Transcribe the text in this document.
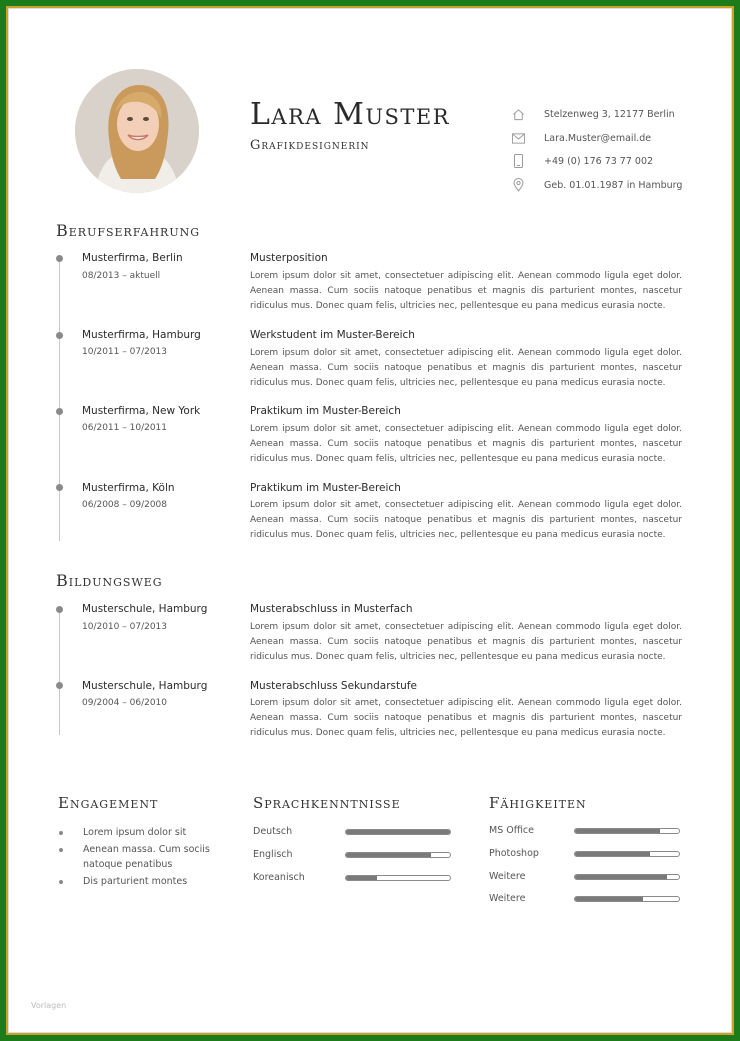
Lara Muster
Grafikdesignerin
Stelzenweg 3, 12177 Berlin
Lara.Muster@email.de
+49 (0) 176 73 77 002
Geb. 01.01.1987 in Hamburg
Berufserfahrung
Musterfirma, Berlin
08/2013 – aktuell
Musterposition
Lorem ipsum dolor sit amet, consectetuer adipiscing elit. Aenean commodo ligula eget dolor. Aenean massa. Cum sociis natoque penatibus et magnis dis parturient montes, nascetur ridiculus mus. Donec quam felis, ultricies nec, pellentesque eu pana medicus eurasia nocte.
Musterfirma, Hamburg
10/2011 – 07/2013
Werkstudent im Muster-Bereich
Lorem ipsum dolor sit amet, consectetuer adipiscing elit. Aenean commodo ligula eget dolor. Aenean massa. Cum sociis natoque penatibus et magnis dis parturient montes, nascetur ridiculus mus. Donec quam felis, ultricies nec, pellentesque eu pana medicus eurasia nocte.
Musterfirma, New York
06/2011 – 10/2011
Praktikum im Muster-Bereich
Lorem ipsum dolor sit amet, consectetuer adipiscing elit. Aenean commodo ligula eget dolor. Aenean massa. Cum sociis natoque penatibus et magnis dis parturient montes, nascetur ridiculus mus. Donec quam felis, ultricies nec, pellentesque eu pana medicus eurasia nocte.
Musterfirma, Köln
06/2008 – 09/2008
Praktikum im Muster-Bereich
Lorem ipsum dolor sit amet, consectetuer adipiscing elit. Aenean commodo ligula eget dolor. Aenean massa. Cum sociis natoque penatibus et magnis dis parturient montes, nascetur ridiculus mus. Donec quam felis, ultricies nec, pellentesque eu pana medicus eurasia nocte.
Bildungsweg
Musterschule, Hamburg
10/2010 – 07/2013
Musterabschluss in Musterfach
Lorem ipsum dolor sit amet, consectetuer adipiscing elit. Aenean commodo ligula eget dolor. Aenean massa. Cum sociis natoque penatibus et magnis dis parturient montes, nascetur ridiculus mus. Donec quam felis, ultricies nec, pellentesque eu pana medicus eurasia nocte.
Musterschule, Hamburg
09/2004 – 06/2010
Musterabschluss Sekundarstufe
Lorem ipsum dolor sit amet, consectetuer adipiscing elit. Aenean commodo ligula eget dolor. Aenean massa. Cum sociis natoque penatibus et magnis dis parturient montes, nascetur ridiculus mus. Donec quam felis, ultricies nec, pellentesque eu pana medicus eurasia nocte.
Engagement
Lorem ipsum dolor sit
Aenean massa. Cum sociis natoque penatibus
Dis parturient montes
Sprachkenntnisse
Deutsch
Englisch
Koreanisch
Fähigkeiten
MS Office
Photoshop
Weitere
Weitere
Vorlagen
